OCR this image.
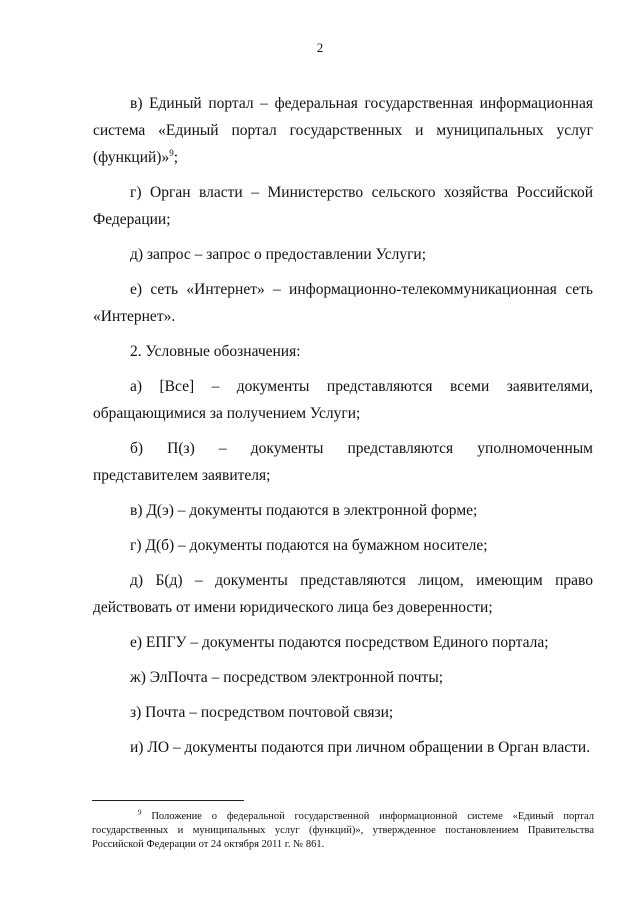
2

в) Единый портал – федеральная государственная информационная система «Единый портал государственных и муниципальных услуг (функций)»$^9$;

г) Орган власти – Министерство сельского хозяйства Российской Федерации;

д) запрос – запрос о предоставлении Услуги;

е) сеть «Интернет» – информационно-телекоммуникационная сеть «Интернет».

2. Условные обозначения:

а) [Все] – документы представляются всеми заявителями, обращающимися за получением Услуги;

б) П(з) – документы представляются уполномоченным представителем заявителя;

в) Д(э) – документы подаются в электронной форме;

г) Д(б) – документы подаются на бумажном носителе;

д) Б(д) – документы представляются лицом, имеющим право действовать от имени юридического лица без доверенности;

е) ЕПГУ – документы подаются посредством Единого портала;

ж) ЭлПочта – посредством электронной почты;

з) Почта – посредством почтовой связи;

и) ЛО – документы подаются при личном обращении в Орган власти.

$^9$ Положение о федеральной государственной информационной системе «Единый портал государственных и муниципальных услуг (функций)», утвержденное постановлением Правительства Российской Федерации от 24 октября 2011 г. № 861.
